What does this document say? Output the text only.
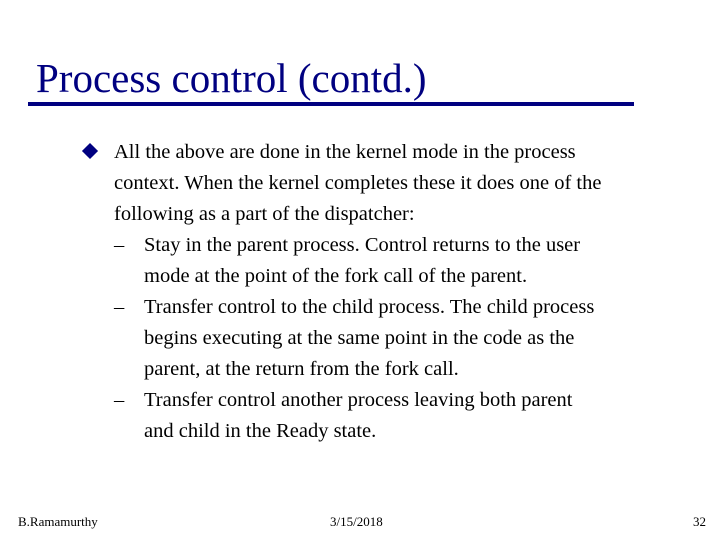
Process control (contd.)
All the above are done in the kernel mode in the process
context. When the kernel completes these it does one of the
following as a part of the dispatcher:
– Stay in the parent process. Control returns to the user
mode at the point of the fork call of the parent.
– Transfer control to the child process. The child process
begins executing at the same point in the code as the
parent, at the return from the fork call.
– Transfer control another process leaving both parent
and child in the Ready state.
B.Ramamurthy	3/15/2018	32
